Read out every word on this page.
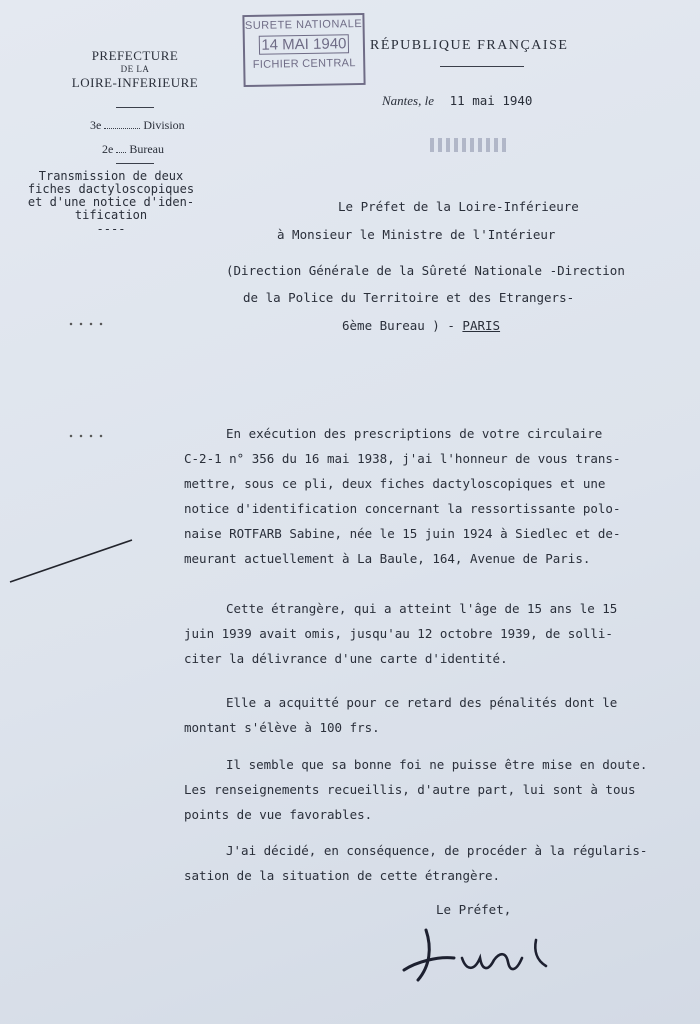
PREFECTURE
DE LA
LOIRE-INFERIEURE
3e	Division
2e Bureau
SURETE NATIONALE
14 MAI 1940
FICHIER CENTRAL
RÉPUBLIQUE FRANÇAISE
Nantes, le 11 mai 1940
Transmission de deux
fiches dactyloscopiques
et d'une notice d'iden-
tification
----
Le Préfet de la Loire-Inférieure
à Monsieur le Ministre de l'Intérieur
(Direction Générale de la Sûreté Nationale -Direction
de la Police du Territoire et des Etrangers-
6ème Bureau ) - PARIS
En exécution des prescriptions de votre circulaire
C-2-1 n° 356 du 16 mai 1938, j'ai l'honneur de vous trans-
mettre, sous ce pli, deux fiches dactyloscopiques et une
notice d'identification concernant la ressortissante polo-
naise ROTFARB Sabine, née le 15 juin 1924 à Siedlec et de-
meurant actuellement à La Baule, 164, Avenue de Paris.
Cette étrangère, qui a atteint l'âge de 15 ans le 15
juin 1939 avait omis, jusqu'au 12 octobre 1939, de solli-
citer la délivrance d'une carte d'identité.
Elle a acquitté pour ce retard des pénalités dont le
montant s'élève à 100 frs.
Il semble que sa bonne foi ne puisse être mise en doute.
Les renseignements recueillis, d'autre part, lui sont à tous
points de vue favorables.
J'ai décidé, en conséquence, de procéder à la régularis-
sation de la situation de cette étrangère.
Le Préfet,
